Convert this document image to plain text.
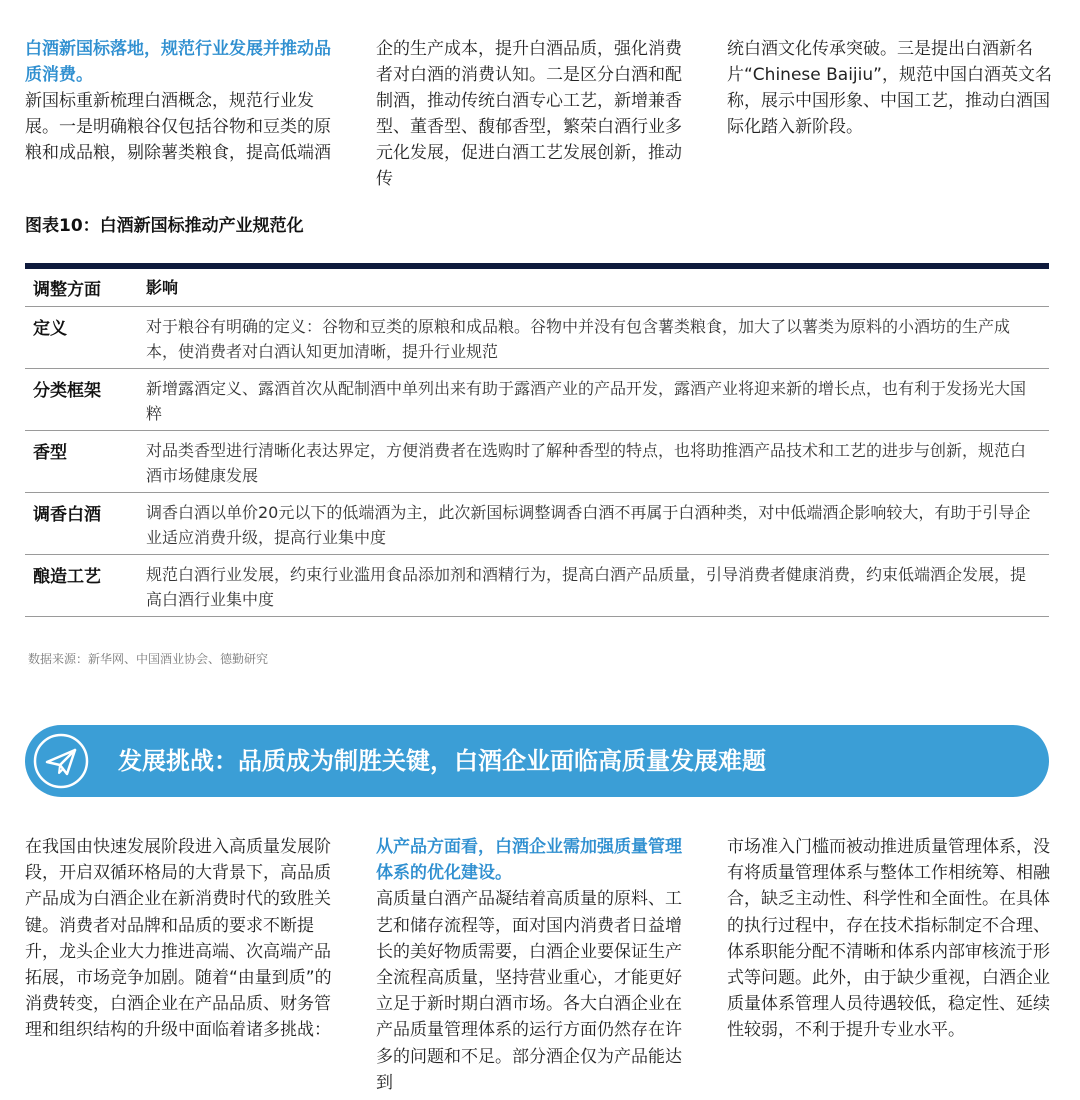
白酒新国标落地，规范行业发展并推动品质消费。
新国标重新梳理白酒概念，规范行业发展。一是明确粮谷仅包括谷物和豆类的原粮和成品粮，剔除薯类粮食，提高低端酒
企的生产成本，提升白酒品质，强化消费者对白酒的消费认知。二是区分白酒和配制酒，推动传统白酒专心工艺，新增兼香型、董香型、馥郁香型，繁荣白酒行业多元化发展，促进白酒工艺发展创新，推动传
统白酒文化传承突破。三是提出白酒新名片“Chinese Baijiu”，规范中国白酒英文名称，展示中国形象、中国工艺，推动白酒国际化踏入新阶段。
图表10：白酒新国标推动产业规范化
调整方面	影响
定义	对于粮谷有明确的定义：谷物和豆类的原粮和成品粮。谷物中并没有包含薯类粮食，加大了以薯类为原料的小酒坊的生产成本，使消费者对白酒认知更加清晰，提升行业规范
分类框架	新增露酒定义、露酒首次从配制酒中单列出来有助于露酒产业的产品开发，露酒产业将迎来新的增长点，也有利于发扬光大国粹
香型	对品类香型进行清晰化表达界定，方便消费者在选购时了解种香型的特点，也将助推酒产品技术和工艺的进步与创新，规范白酒市场健康发展
调香白酒	调香白酒以单价20元以下的低端酒为主，此次新国标调整调香白酒不再属于白酒种类，对中低端酒企影响较大，有助于引导企业适应消费升级，提高行业集中度
酿造工艺	规范白酒行业发展，约束行业滥用食品添加剂和酒精行为，提高白酒产品质量，引导消费者健康消费，约束低端酒企发展，提高白酒行业集中度
数据来源：新华网、中国酒业协会、德勤研究
发展挑战：品质成为制胜关键，白酒企业面临高质量发展难题
在我国由快速发展阶段进入高质量发展阶段，开启双循环格局的大背景下，高品质产品成为白酒企业在新消费时代的致胜关键。消费者对品牌和品质的要求不断提升，龙头企业大力推进高端、次高端产品拓展，市场竞争加剧。随着“由量到质”的消费转变，白酒企业在产品品质、财务管理和组织结构的升级中面临着诸多挑战：
从产品方面看，白酒企业需加强质量管理体系的优化建设。
高质量白酒产品凝结着高质量的原料、工艺和储存流程等，面对国内消费者日益增长的美好物质需要，白酒企业要保证生产全流程高质量，坚持营业重心，才能更好立足于新时期白酒市场。各大白酒企业在产品质量管理体系的运行方面仍然存在许多的问题和不足。部分酒企仅为产品能达到
市场准入门槛而被动推进质量管理体系，没有将质量管理体系与整体工作相统筹、相融合，缺乏主动性、科学性和全面性。在具体的执行过程中，存在技术指标制定不合理、体系职能分配不清晰和体系内部审核流于形式等问题。此外，由于缺少重视，白酒企业质量体系管理人员待遇较低，稳定性、延续性较弱，不利于提升专业水平。
